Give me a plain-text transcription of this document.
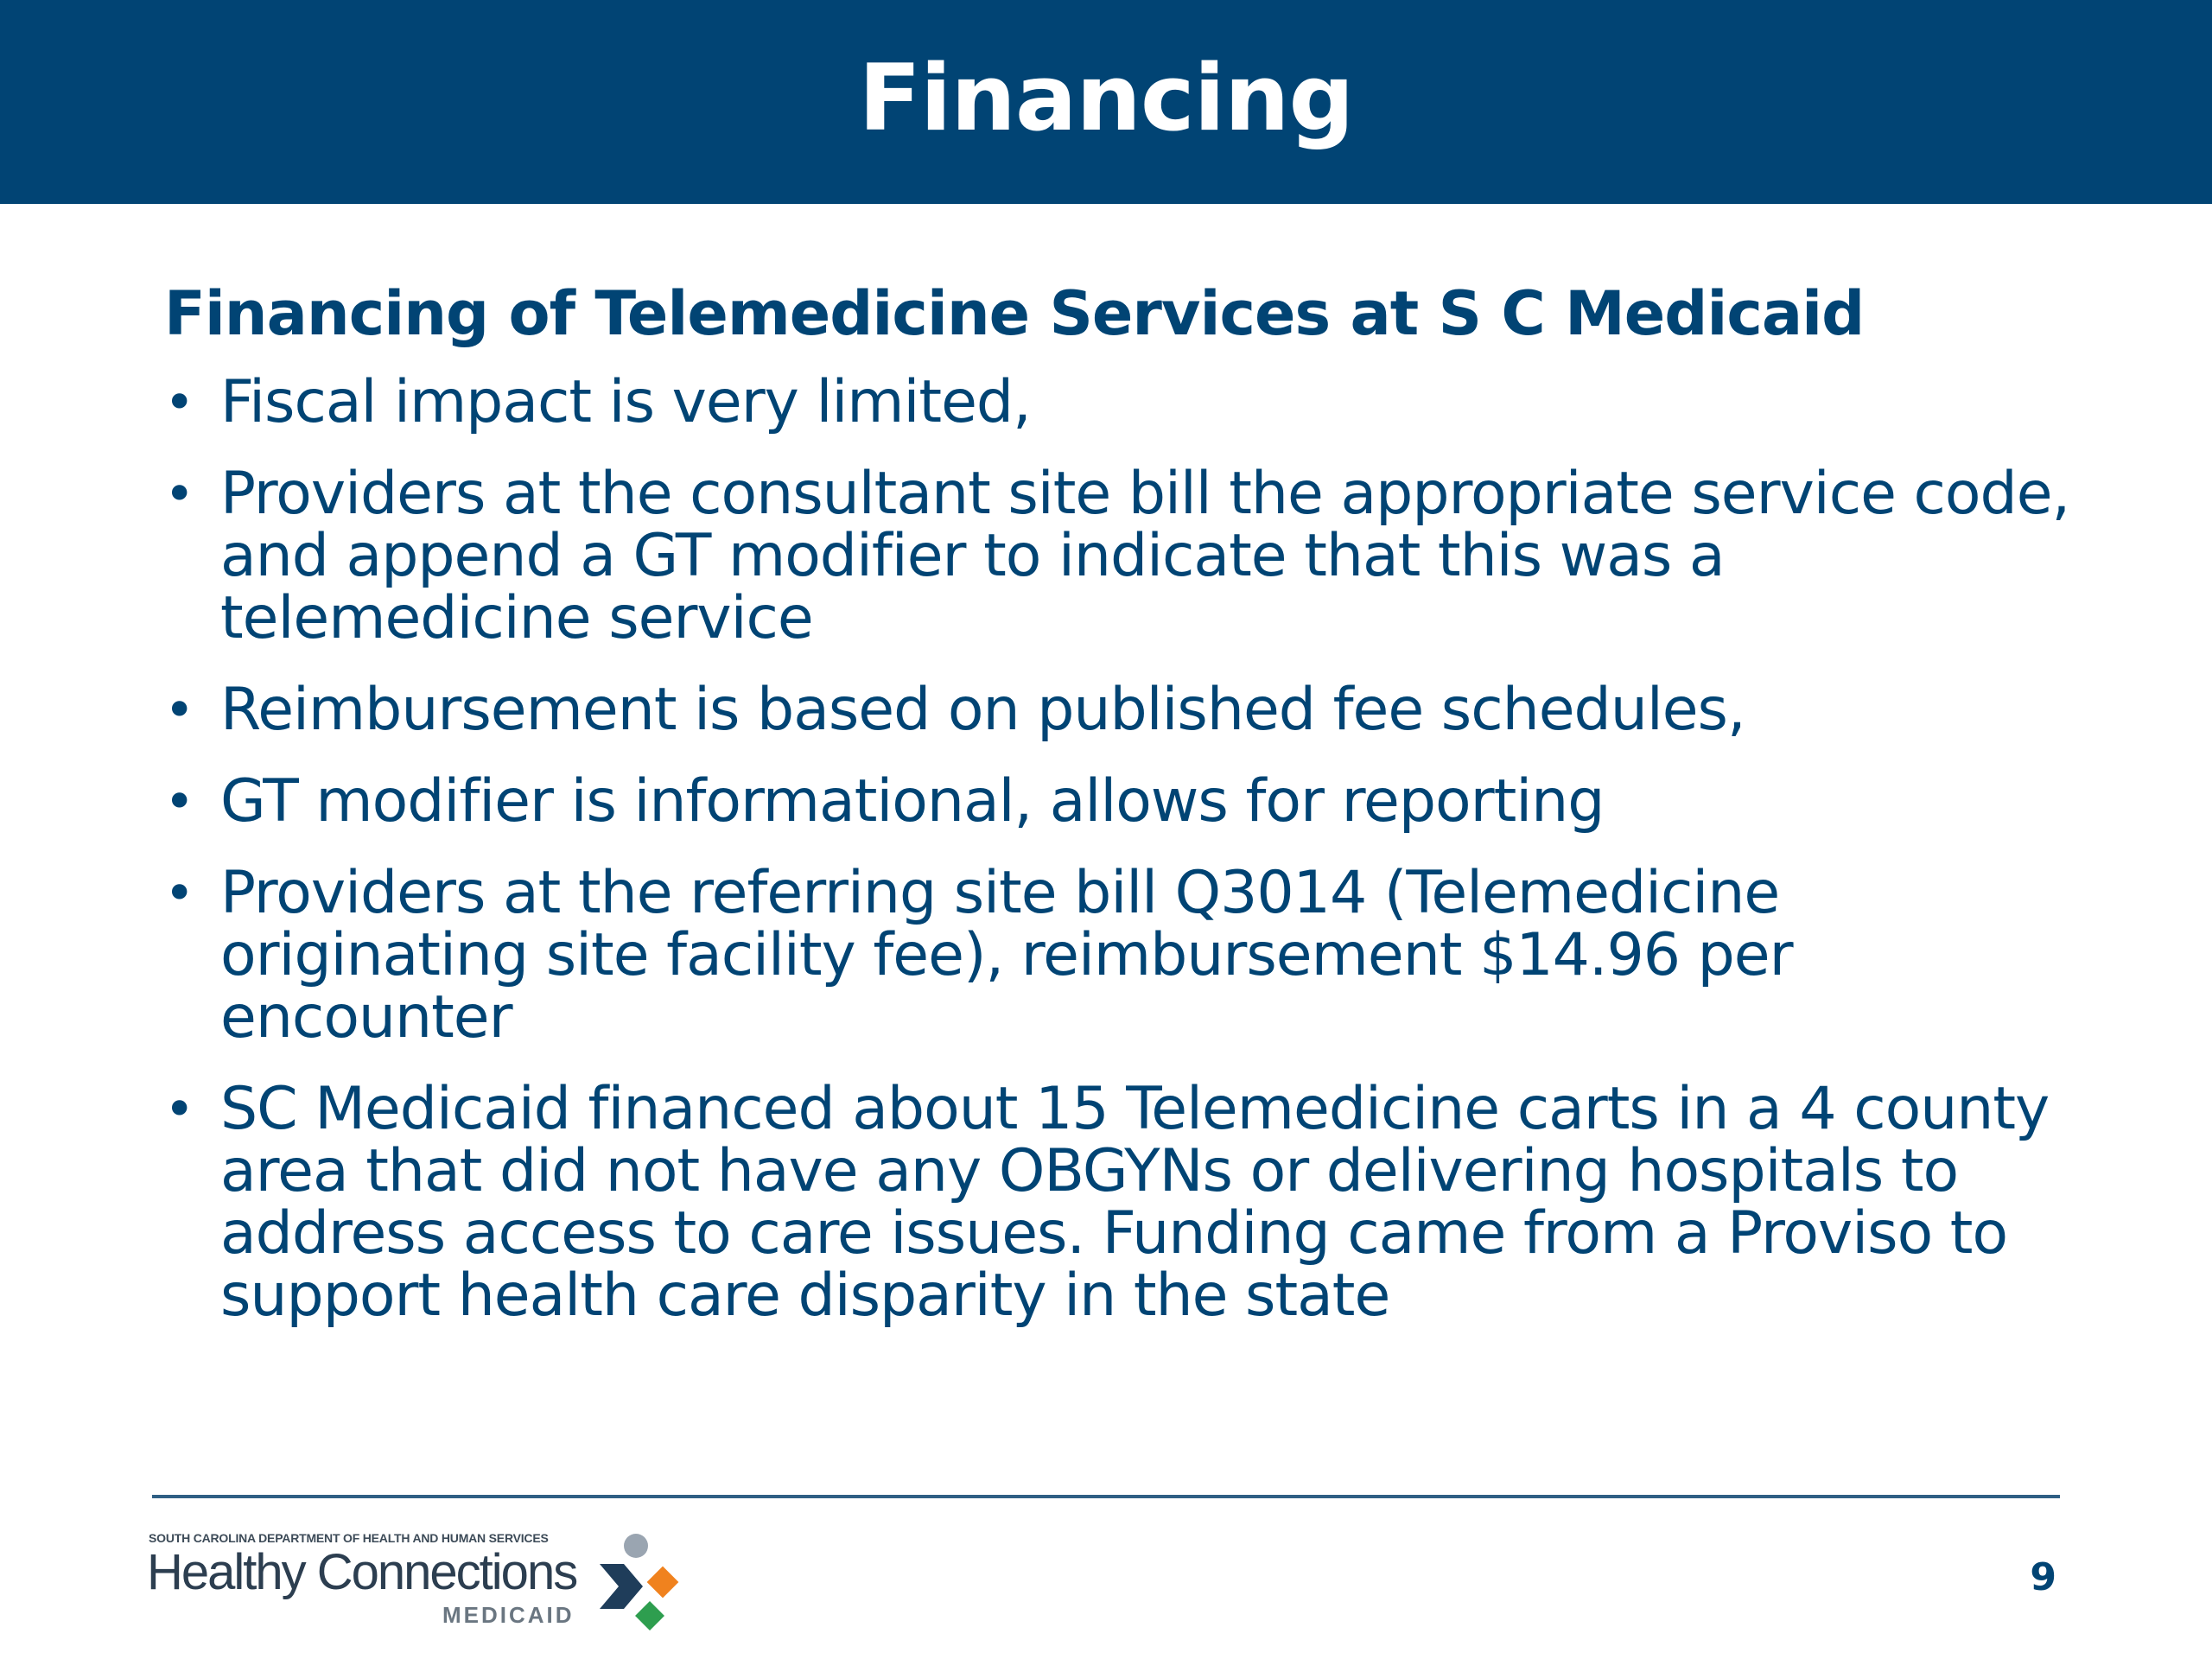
Financing
Financing of Telemedicine Services at S C Medicaid
• Fiscal impact is very limited,
• Providers at the consultant site bill the appropriate service code, and append a GT modifier to indicate that this was a telemedicine service
• Reimbursement is based on published fee schedules,
• GT modifier is informational, allows for reporting
• Providers at the referring site bill Q3014 (Telemedicine originating site facility fee), reimbursement $14.96 per encounter
• SC Medicaid financed about 15 Telemedicine carts in a 4 county area that did not have any OBGYNs or delivering hospitals to address access to care issues. Funding came from a Proviso to support health care disparity in the state
SOUTH CAROLINA DEPARTMENT OF HEALTH AND HUMAN SERVICES
Healthy Connections
MEDICAID
9
